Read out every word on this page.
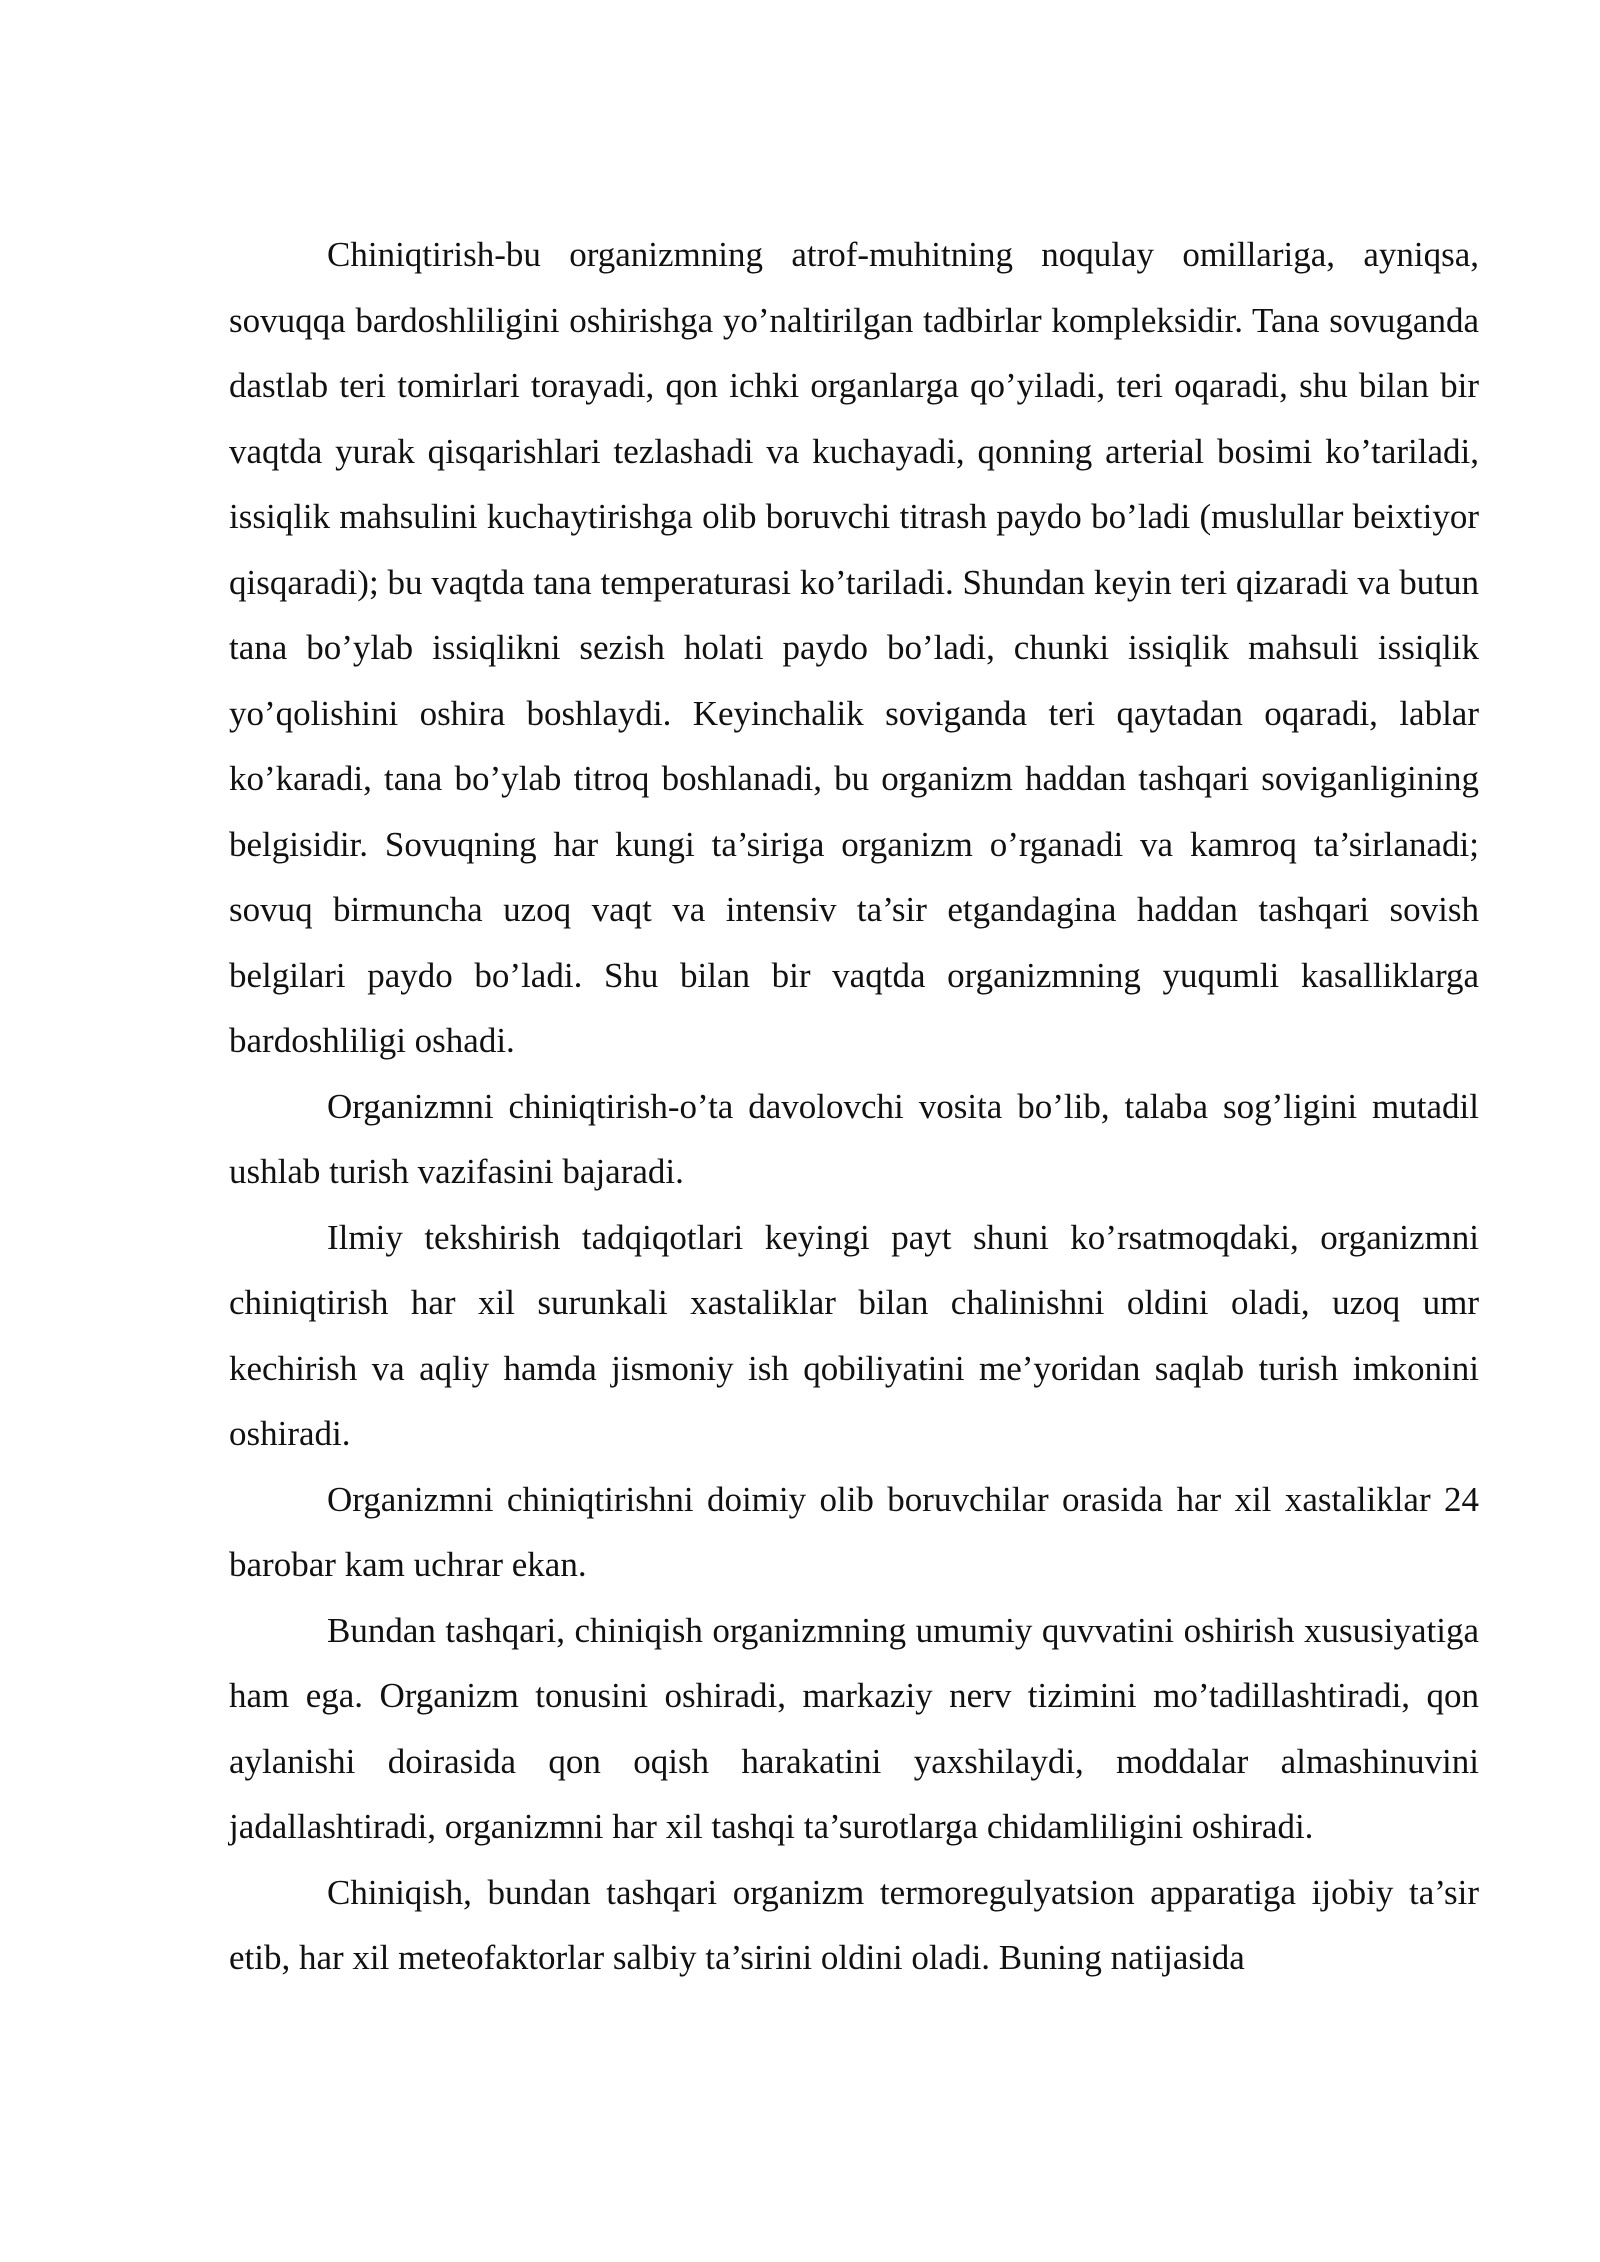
Chiniqtirish-bu organizmning atrof-muhitning noqulay omillariga, ayniqsa, sovuqqa bardoshliligini oshirishga yo’naltirilgan tadbirlar kompleksidir. Tana sovuganda dastlab teri tomirlari torayadi, qon ichki organlarga qo’yiladi, teri oqaradi, shu bilan bir vaqtda yurak qisqarishlari tezlashadi va kuchayadi, qonning arterial bosimi ko’tariladi, issiqlik mahsulini kuchaytirishga olib boruvchi titrash paydo bo’ladi (muslullar beixtiyor qisqaradi); bu vaqtda tana temperaturasi ko’tariladi. Shundan keyin teri qizaradi va butun tana bo’ylab issiqlikni sezish holati paydo bo’ladi, chunki issiqlik mahsuli issiqlik yo’qolishini oshira boshlaydi. Keyinchalik soviganda teri qaytadan oqaradi, lablar ko’karadi, tana bo’ylab titroq boshlanadi, bu organizm haddan tashqari soviganligining belgisidir. Sovuqning har kungi ta’siriga organizm o’rganadi va kamroq ta’sirlanadi; sovuq birmuncha uzoq vaqt va intensiv ta’sir etgandagina haddan tashqari sovish belgilari paydo bo’ladi. Shu bilan bir vaqtda organizmning yuqumli kasalliklarga bardoshliligi oshadi.

Organizmni chiniqtirish-o’ta davolovchi vosita bo’lib, talaba sog’ligini mutadil ushlab turish vazifasini bajaradi.

Ilmiy tekshirish tadqiqotlari keyingi payt shuni ko’rsatmoqdaki, organizmni chiniqtirish har xil surunkali xastaliklar bilan chalinishni oldini oladi, uzoq umr kechirish va aqliy hamda jismoniy ish qobiliyatini me’yoridan saqlab turish imkonini oshiradi.

Organizmni chiniqtirishni doimiy olib boruvchilar orasida har xil xastaliklar 24 barobar kam uchrar ekan.

Bundan tashqari, chiniqish organizmning umumiy quvvatini oshirish xususiyatiga ham ega. Organizm tonusini oshiradi, markaziy nerv tizimini mo’tadillashtiradi, qon aylanishi doirasida qon oqish harakatini yaxshilaydi, moddalar almashinuvini jadallashtiradi, organizmni har xil tashqi ta’surotlarga chidamliligini oshiradi.

Chiniqish, bundan tashqari organizm termoregulyatsion apparatiga ijobiy ta’sir etib, har xil meteofaktorlar salbiy ta’sirini oldini oladi. Buning natijasida
